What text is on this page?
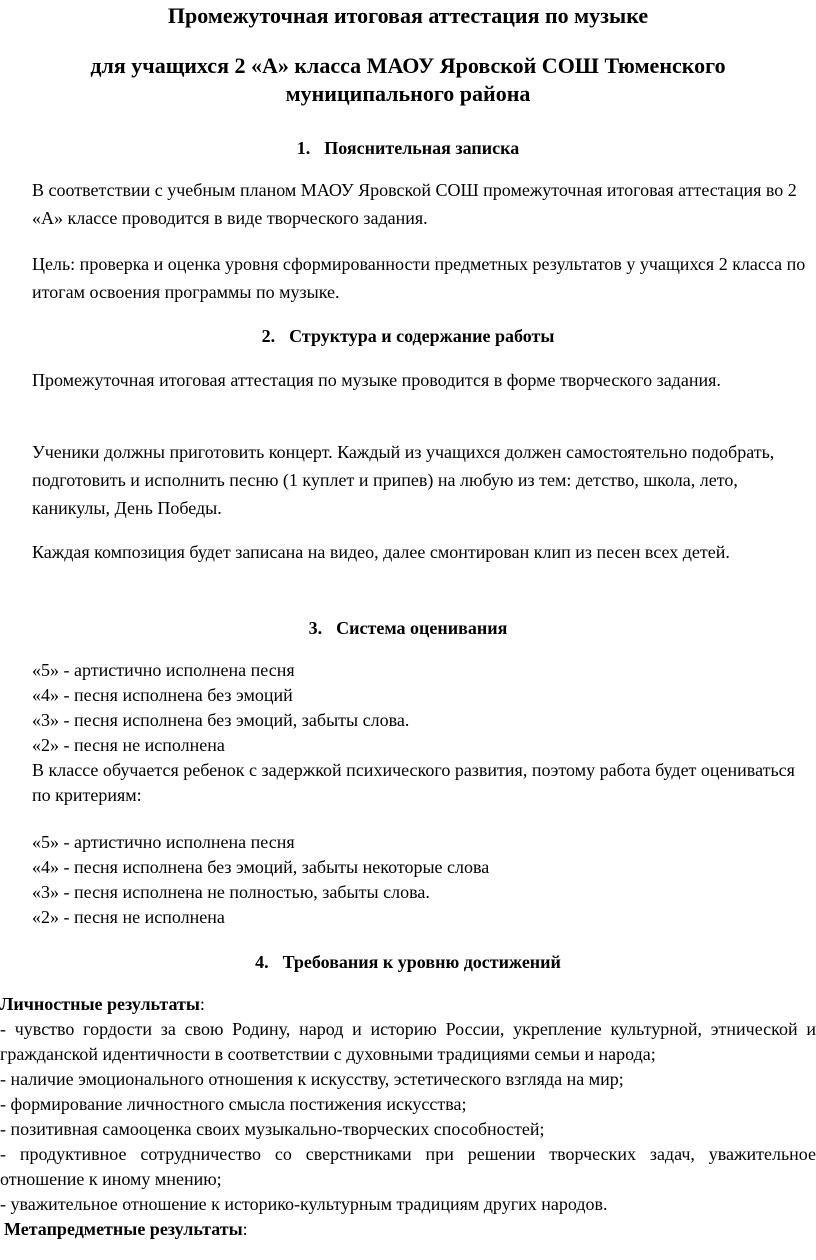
Промежуточная итоговая аттестация по музыке
для учащихся 2 «А» класса МАОУ Яровской СОШ Тюменского муниципального района
1. Пояснительная записка
В соответствии с учебным планом МАОУ Яровской СОШ промежуточная итоговая аттестация во 2 «А» классе проводится в виде творческого задания.
Цель: проверка и оценка уровня сформированности предметных результатов у учащихся 2 класса по итогам освоения программы по музыке.
2. Структура и содержание работы
Промежуточная итоговая аттестация по музыке проводится в форме творческого задания.
Ученики должны приготовить концерт. Каждый из учащихся должен самостоятельно подобрать, подготовить и исполнить песню (1 куплет и припев) на любую из тем: детство, школа, лето, каникулы, День Победы.
Каждая композиция будет записана на видео, далее смонтирован клип из песен всех детей.
3. Система оценивания
«5» - артистично исполнена песня
«4» - песня исполнена без эмоций
«3» - песня исполнена без эмоций, забыты слова.
«2» - песня не исполнена
В классе обучается ребенок с задержкой психического развития, поэтому работа будет оцениваться по критериям:
«5» - артистично исполнена песня
«4» - песня исполнена без эмоций, забыты некоторые слова
«3» - песня исполнена не полностью, забыты слова.
«2» - песня не исполнена
4. Требования к уровню достижений
Личностные результаты:
- чувство гордости за свою Родину, народ и историю России, укрепление культурной, этнической и гражданской идентичности в соответствии с духовными традициями семьи и народа;
- наличие эмоционального отношения к искусству, эстетического взгляда на мир;
- формирование личностного смысла постижения искусства;
- позитивная самооценка своих музыкально-творческих способностей;
- продуктивное сотрудничество со сверстниками при решении творческих задач, уважительное отношение к иному мнению;
- уважительное отношение к историко-культурным традициям других народов.
Метапредметные результаты:
